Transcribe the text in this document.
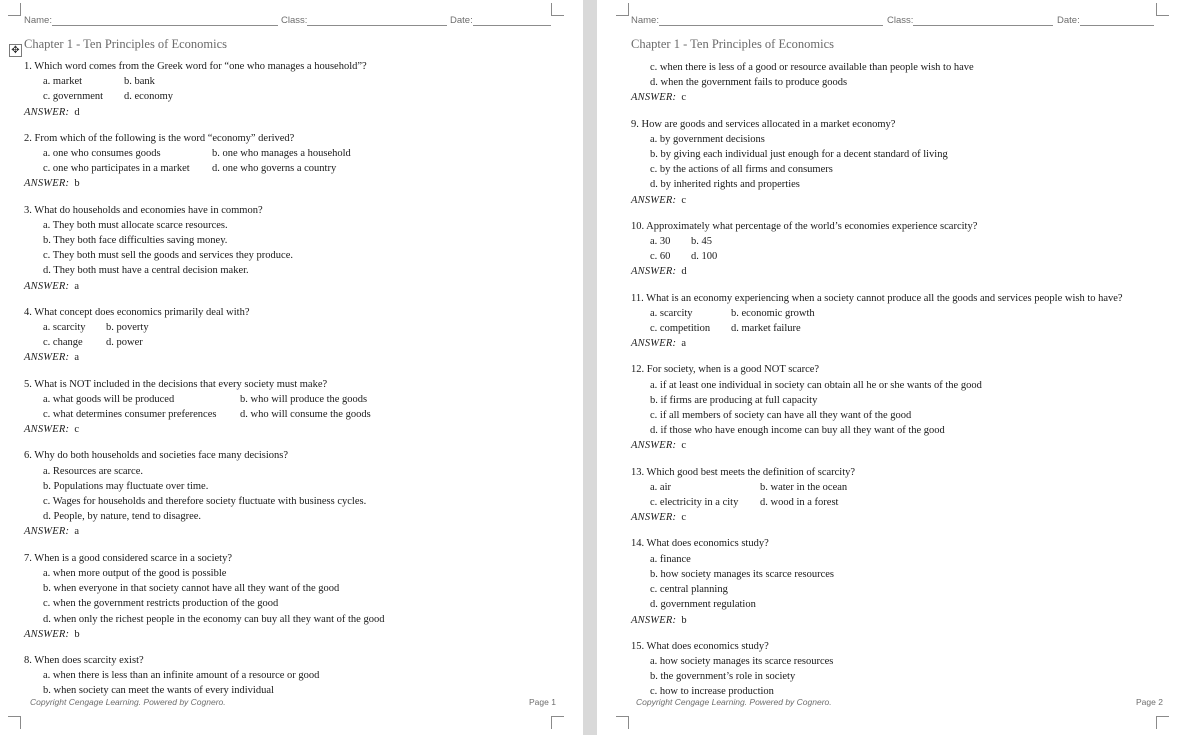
Name:	Class:	Date:
✥ Chapter 1 - Ten Principles of Economics
1. Which word comes from the Greek word for “one who manages a household”?
a. market	b. bank
c. government d. economy
ANSWER: d
2. From which of the following is the word “economy” derived?
a. one who consumes goods	b. one who manages a household
c. one who participates in a market d. one who governs a country
ANSWER: b
3. What do households and economies have in common?
a. They both must allocate scarce resources.
b. They both face difficulties saving money.
c. They both must sell the goods and services they produce.
d. They both must have a central decision maker.
ANSWER: a
4. What concept does economics primarily deal with?
a. scarcity b. poverty
c. change d. power
ANSWER: a
5. What is NOT included in the decisions that every society must make?
a. what goods will be produced	b. who will produce the goods
c. what determines consumer preferences d. who will consume the goods
ANSWER: c
6. Why do both households and societies face many decisions?
a. Resources are scarce.
b. Populations may fluctuate over time.
c. Wages for households and therefore society fluctuate with business cycles.
d. People, by nature, tend to disagree.
ANSWER: a
7. When is a good considered scarce in a society?
a. when more output of the good is possible
b. when everyone in that society cannot have all they want of the good
c. when the government restricts production of the good
d. when only the richest people in the economy can buy all they want of the good
ANSWER: b
8. When does scarcity exist?
a. when there is less than an infinite amount of a resource or good
b. when society can meet the wants of every individual
Copyright Cengage Learning. Powered by Cognero.	Page 1
Name:	Class:	Date:
Chapter 1 - Ten Principles of Economics
c. when there is less of a good or resource available than people wish to have
d. when the government fails to produce goods
ANSWER: c
9. How are goods and services allocated in a market economy?
a. by government decisions
b. by giving each individual just enough for a decent standard of living
c. by the actions of all firms and consumers
d. by inherited rights and properties
ANSWER: c
10. Approximately what percentage of the world’s economies experience scarcity?
a. 30 b. 45
c. 60 d. 100
ANSWER: d
11. What is an economy experiencing when a society cannot produce all the goods and services people wish to have?
a. scarcity	b. economic growth
c. competition d. market failure
ANSWER: a
12. For society, when is a good NOT scarce?
a. if at least one individual in society can obtain all he or she wants of the good
b. if firms are producing at full capacity
c. if all members of society can have all they want of the good
d. if those who have enough income can buy all they want of the good
ANSWER: c
13. Which good best meets the definition of scarcity?
a. air	b. water in the ocean
c. electricity in a city d. wood in a forest
ANSWER: c
14. What does economics study?
a. finance
b. how society manages its scarce resources
c. central planning
d. government regulation
ANSWER: b
15. What does economics study?
a. how society manages its scarce resources
b. the government’s role in society
c. how to increase production
Copyright Cengage Learning. Powered by Cognero.	Page 2
